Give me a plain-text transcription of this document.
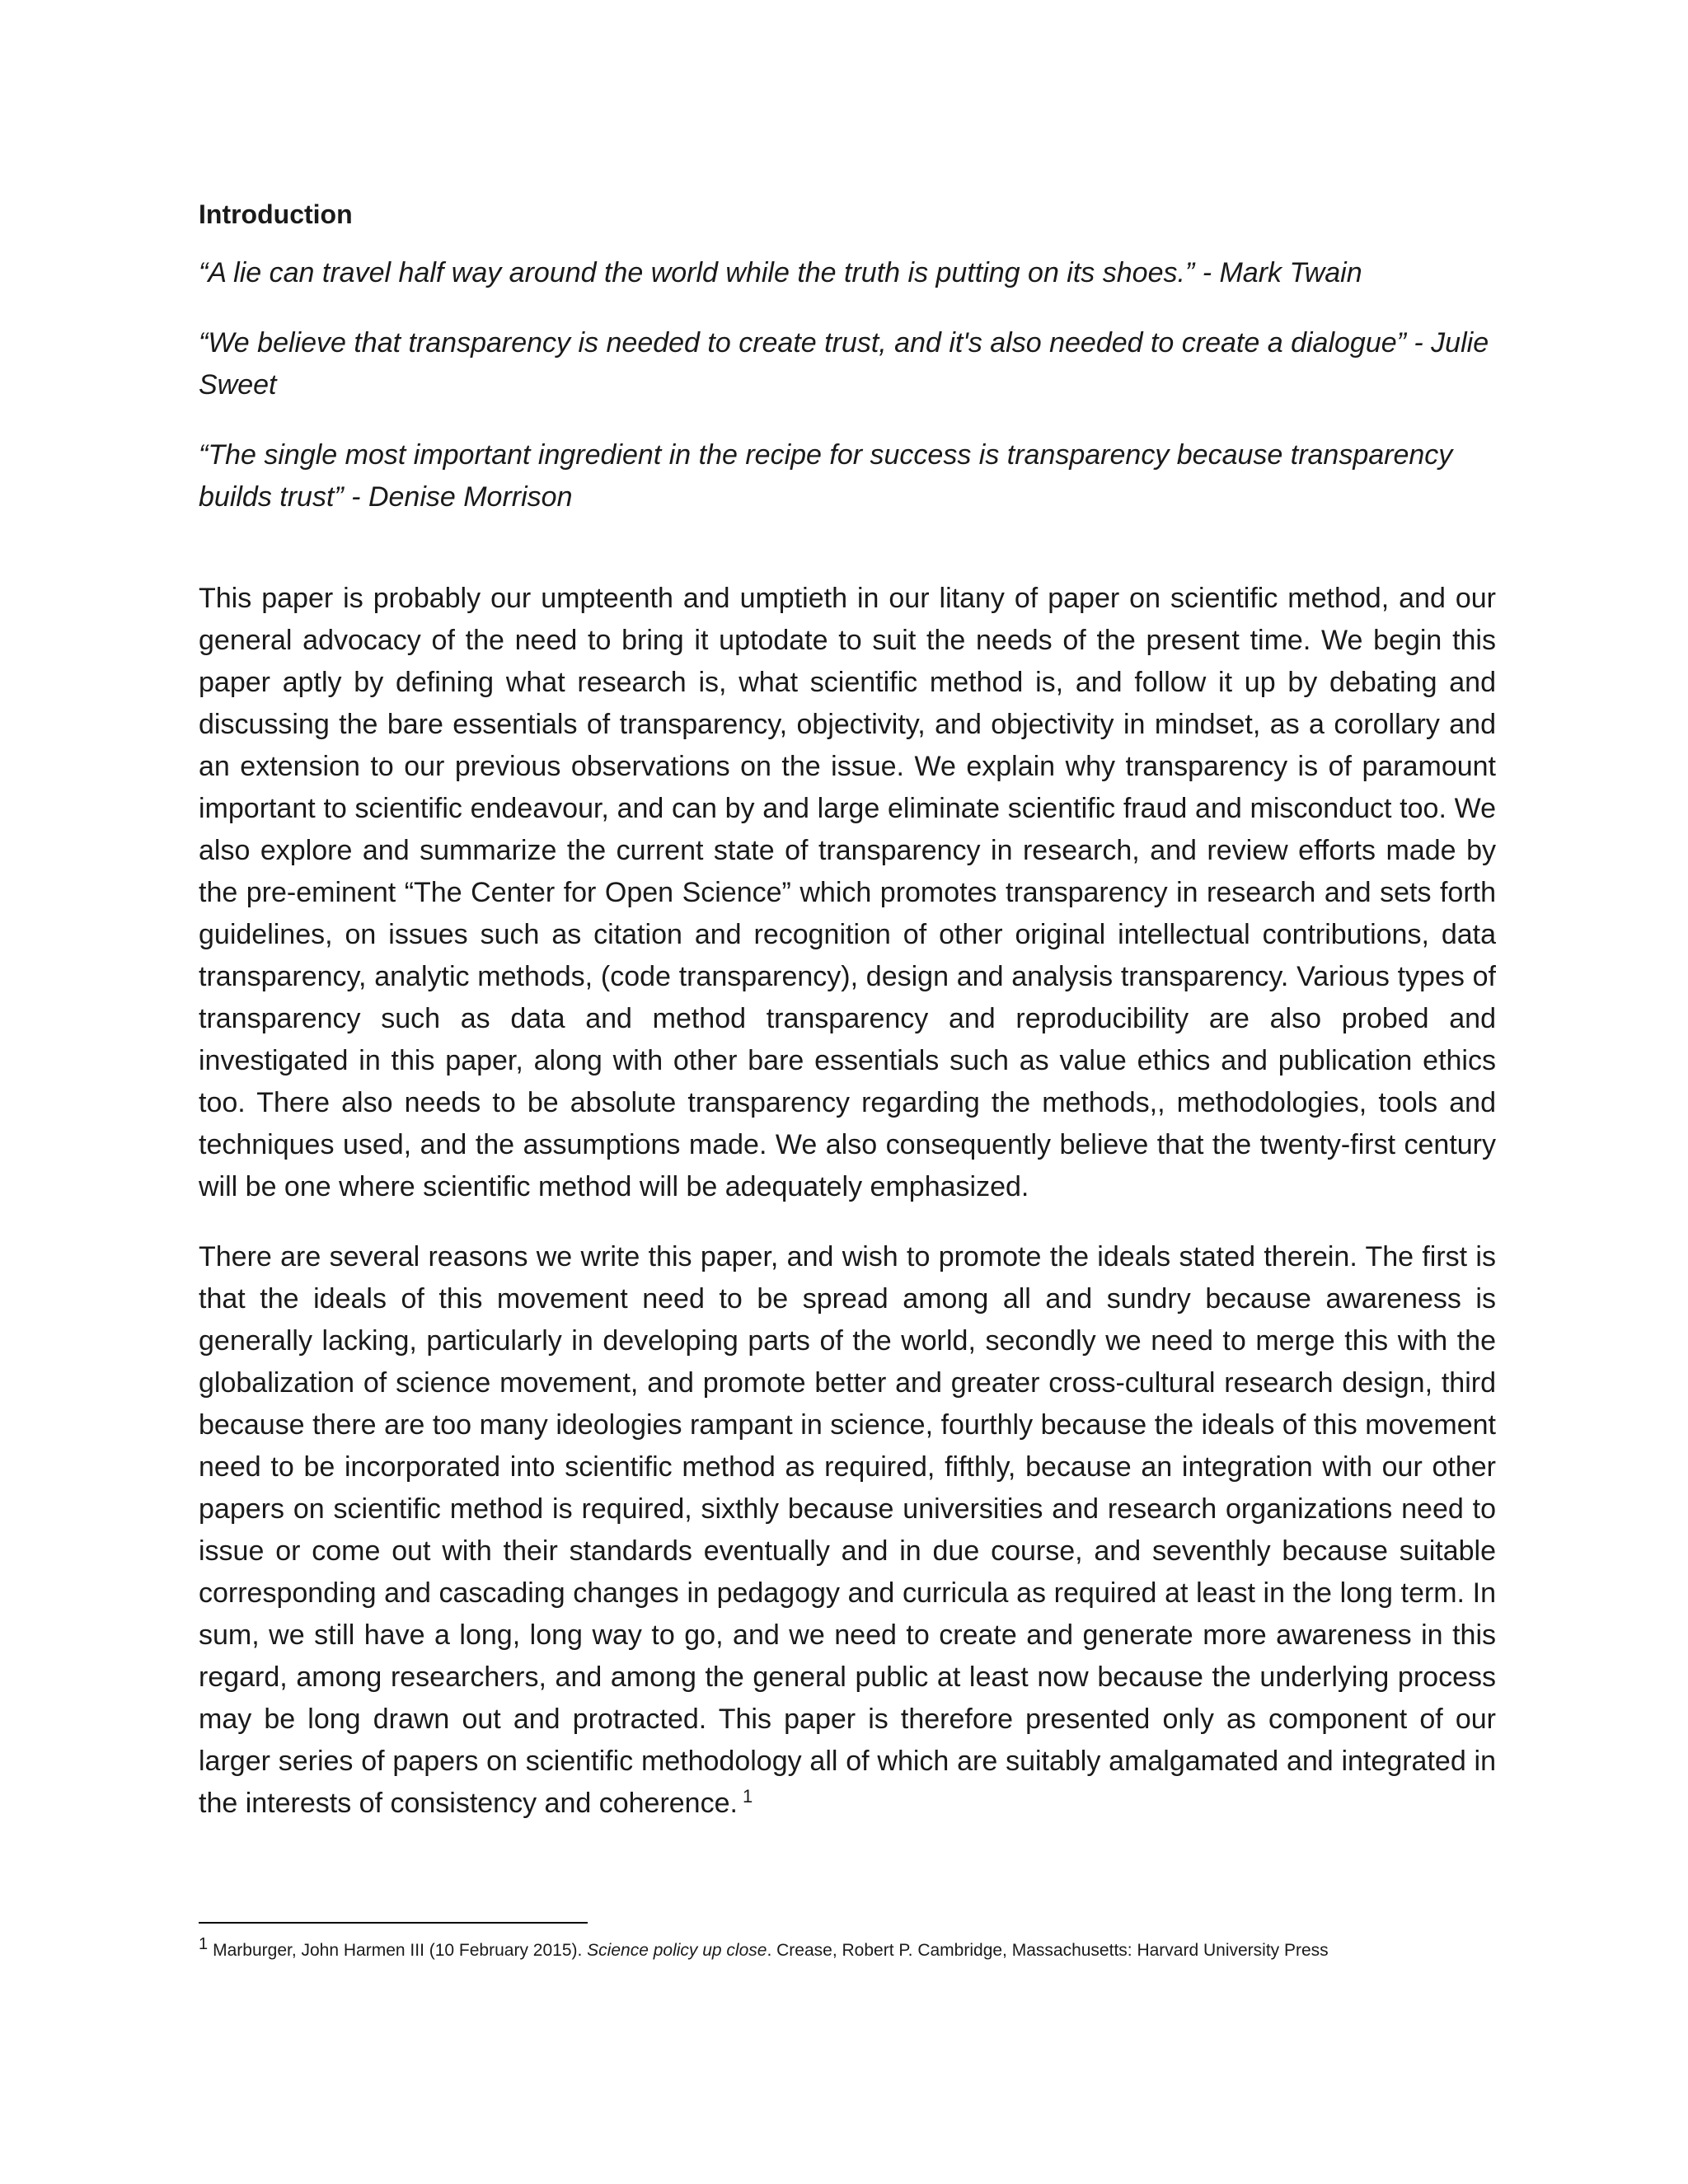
Introduction

“A lie can travel half way around the world while the truth is putting on its shoes.” - Mark Twain

“We believe that transparency is needed to create trust, and it's also needed to create a dialogue” - Julie Sweet

“The single most important ingredient in the recipe for success is transparency because transparency builds trust” - Denise Morrison

This paper is probably our umpteenth and umptieth in our litany of paper on scientific method, and our general advocacy of the need to bring it uptodate to suit the needs of the present time. We begin this paper aptly by defining what research is, what scientific method is, and follow it up by debating and discussing the bare essentials of transparency, objectivity, and objectivity in mindset, as a corollary and an extension to our previous observations on the issue. We explain why transparency is of paramount important to scientific endeavour, and can by and large eliminate scientific fraud and misconduct too. We also explore and summarize the current state of transparency in research, and review efforts made by the pre-eminent “The Center for Open Science” which promotes transparency in research and sets forth guidelines, on issues such as citation and recognition of other original intellectual contributions, data transparency, analytic methods, (code transparency), design and analysis transparency. Various types of transparency such as data and method transparency and reproducibility are also probed and investigated in this paper, along with other bare essentials such as value ethics and publication ethics too. There also needs to be absolute transparency regarding the methods,, methodologies, tools and techniques used, and the assumptions made. We also consequently believe that the twenty-first century will be one where scientific method will be adequately emphasized.

There are several reasons we write this paper, and wish to promote the ideals stated therein. The first is that the ideals of this movement need to be spread among all and sundry because awareness is generally lacking, particularly in developing parts of the world, secondly we need to merge this with the globalization of science movement, and promote better and greater cross-cultural research design, third because there are too many ideologies rampant in science, fourthly because the ideals of this movement need to be incorporated into scientific method as required, fifthly, because an integration with our other papers on scientific method is required, sixthly because universities and research organizations need to issue or come out with their standards eventually and in due course, and seventhly because suitable corresponding and cascading changes in pedagogy and curricula as required at least in the long term. In sum, we still have a long, long way to go, and we need to create and generate more awareness in this regard, among researchers, and among the general public at least now because the underlying process may be long drawn out and protracted. This paper is therefore presented only as component of our larger series of papers on scientific methodology all of which are suitably amalgamated and integrated in the interests of consistency and coherence. $^1$

$^1$ Marburger, John Harmen III (10 February 2015). Science policy up close. Crease, Robert P. Cambridge, Massachusetts: Harvard University Press
